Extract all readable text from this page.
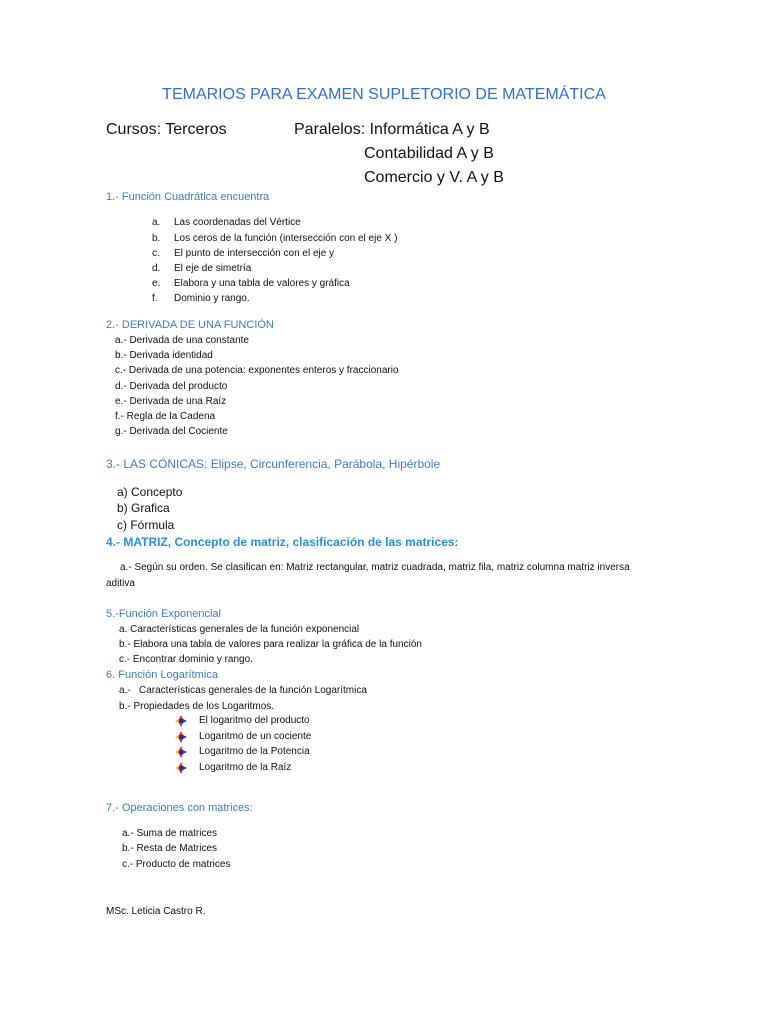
TEMARIOS PARA EXAMEN SUPLETORIO DE MATEMÁTICA
Cursos: Terceros	Paralelos: Informática A y B
Contabilidad A y B
Comercio y V. A y B
1.- Función Cuadrática encuentra
a. Las coordenadas del Vértice
b. Los ceros de la función (intersección con el eje X )
c. El punto de intersección con el eje y
d. El eje de simetría
e. Elabora y una tabla de valores y gráfica
f. Dominio y rango.
2.- DERIVADA DE UNA FUNCIÓN
a.- Derivada de una constante
b.- Derivada identidad
c.- Derivada de una potencia: exponentes enteros y fraccionario
d.- Derivada del producto
e.- Derivada de una Raíz
f.- Regla de la Cadena
g.- Derivada del Cociente
3.- LAS CÓNICAS: Elipse, Circunferencia, Parábola, Hipérbole
a) Concepto
b) Grafica
c) Fórmula
4.- MATRIZ, Concepto de matriz, clasificación de las matrices:
a.- Según su orden. Se clasifican en: Matriz rectangular, matriz cuadrada, matriz fila, matriz columna matriz inversa
aditiva
5.-Función Exponencial
a. Características generales de la función exponencial
b.- Elabora una tabla de valores para realizar la gráfica de la función
c.- Encontrar dominio y rango.
6. Función Logarítmica
a.-   Características generales de la función Logarítmica
b.- Propiedades de los Logaritmos.
El logaritmo del producto
Logaritmo de un cociente
Logaritmo de la Potencia
Logaritmo de la Raíz
7.- Operaciones con matrices:
a.- Suma de matrices
b.- Resta de Matrices
c.- Producto de matrices
MSc. Leticia Castro R.
